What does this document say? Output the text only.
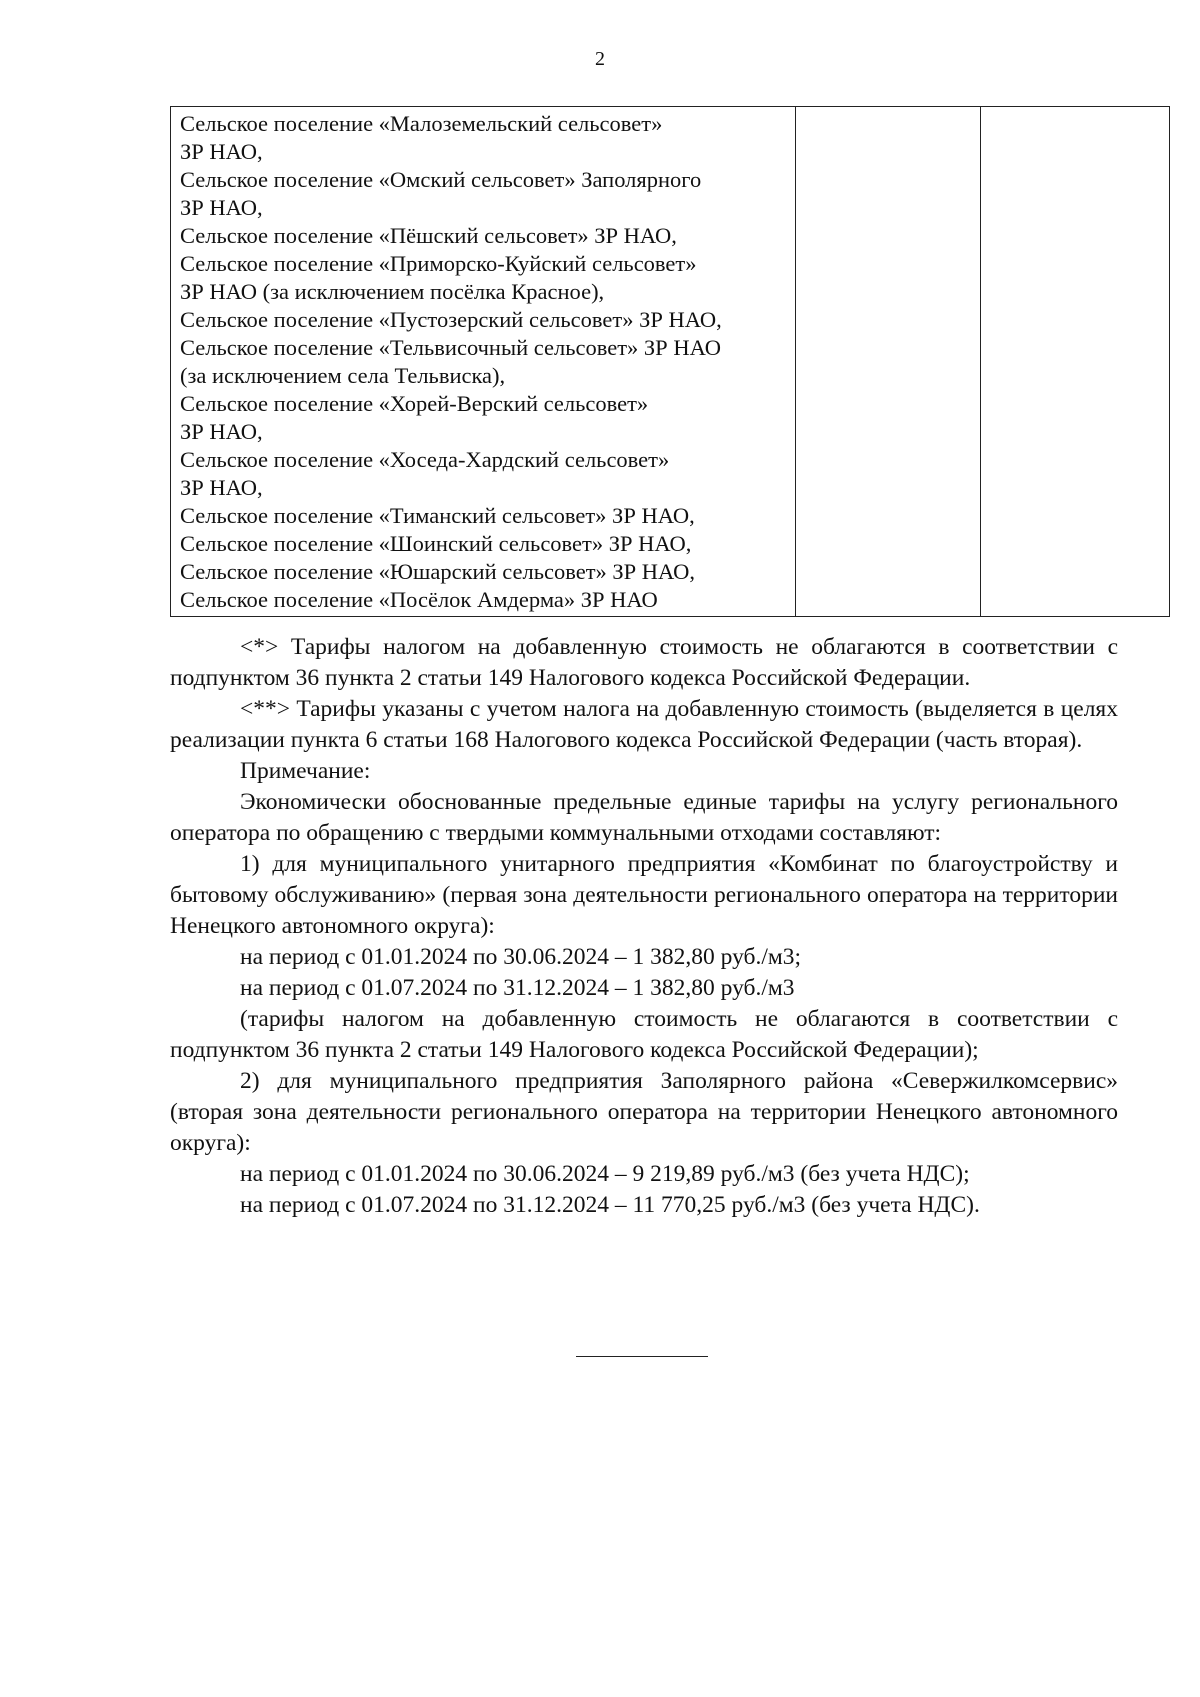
2
Сельское поселение «Малоземельский сельсовет»
ЗР НАО,
Сельское поселение «Омский сельсовет» Заполярного
ЗР НАО,
Сельское поселение «Пёшский сельсовет» ЗР НАО,
Сельское поселение «Приморско-Куйский сельсовет»
ЗР НАО (за исключением посёлка Красное),
Сельское поселение «Пустозерский сельсовет» ЗР НАО,
Сельское поселение «Тельвисочный сельсовет» ЗР НАО
(за исключением села Тельвиска),
Сельское поселение «Хорей-Верский сельсовет»
ЗР НАО,
Сельское поселение «Хоседа-Хардский сельсовет»
ЗР НАО,
Сельское поселение «Тиманский сельсовет» ЗР НАО,
Сельское поселение «Шоинский сельсовет» ЗР НАО,
Сельское поселение «Юшарский сельсовет» ЗР НАО,
Сельское поселение «Посёлок Амдерма» ЗР НАО

<*> Тарифы налогом на добавленную стоимость не облагаются в соответствии с подпунктом 36 пункта 2 статьи 149 Налогового кодекса Российской Федерации.

<**> Тарифы указаны с учетом налога на добавленную стоимость (выделяется в целях реализации пункта 6 статьи 168 Налогового кодекса Российской Федерации (часть вторая).

Примечание:

Экономически обоснованные предельные единые тарифы на услугу регионального оператора по обращению с твердыми коммунальными отходами составляют:

1) для муниципального унитарного предприятия «Комбинат по благоустройству и бытовому обслуживанию» (первая зона деятельности регионального оператора на территории Ненецкого автономного округа):

на период с 01.01.2024 по 30.06.2024 – 1 382,80 руб./м3;

на период с 01.07.2024 по 31.12.2024 – 1 382,80 руб./м3

(тарифы налогом на добавленную стоимость не облагаются в соответствии с подпунктом 36 пункта 2 статьи 149 Налогового кодекса Российской Федерации);

2) для муниципального предприятия Заполярного района «Севержилкомсервис» (вторая зона деятельности регионального оператора на территории Ненецкого автономного округа):

на период с 01.01.2024 по 30.06.2024 – 9 219,89 руб./м3 (без учета НДС);

на период с 01.07.2024 по 31.12.2024 – 11 770,25 руб./м3 (без учета НДС).
